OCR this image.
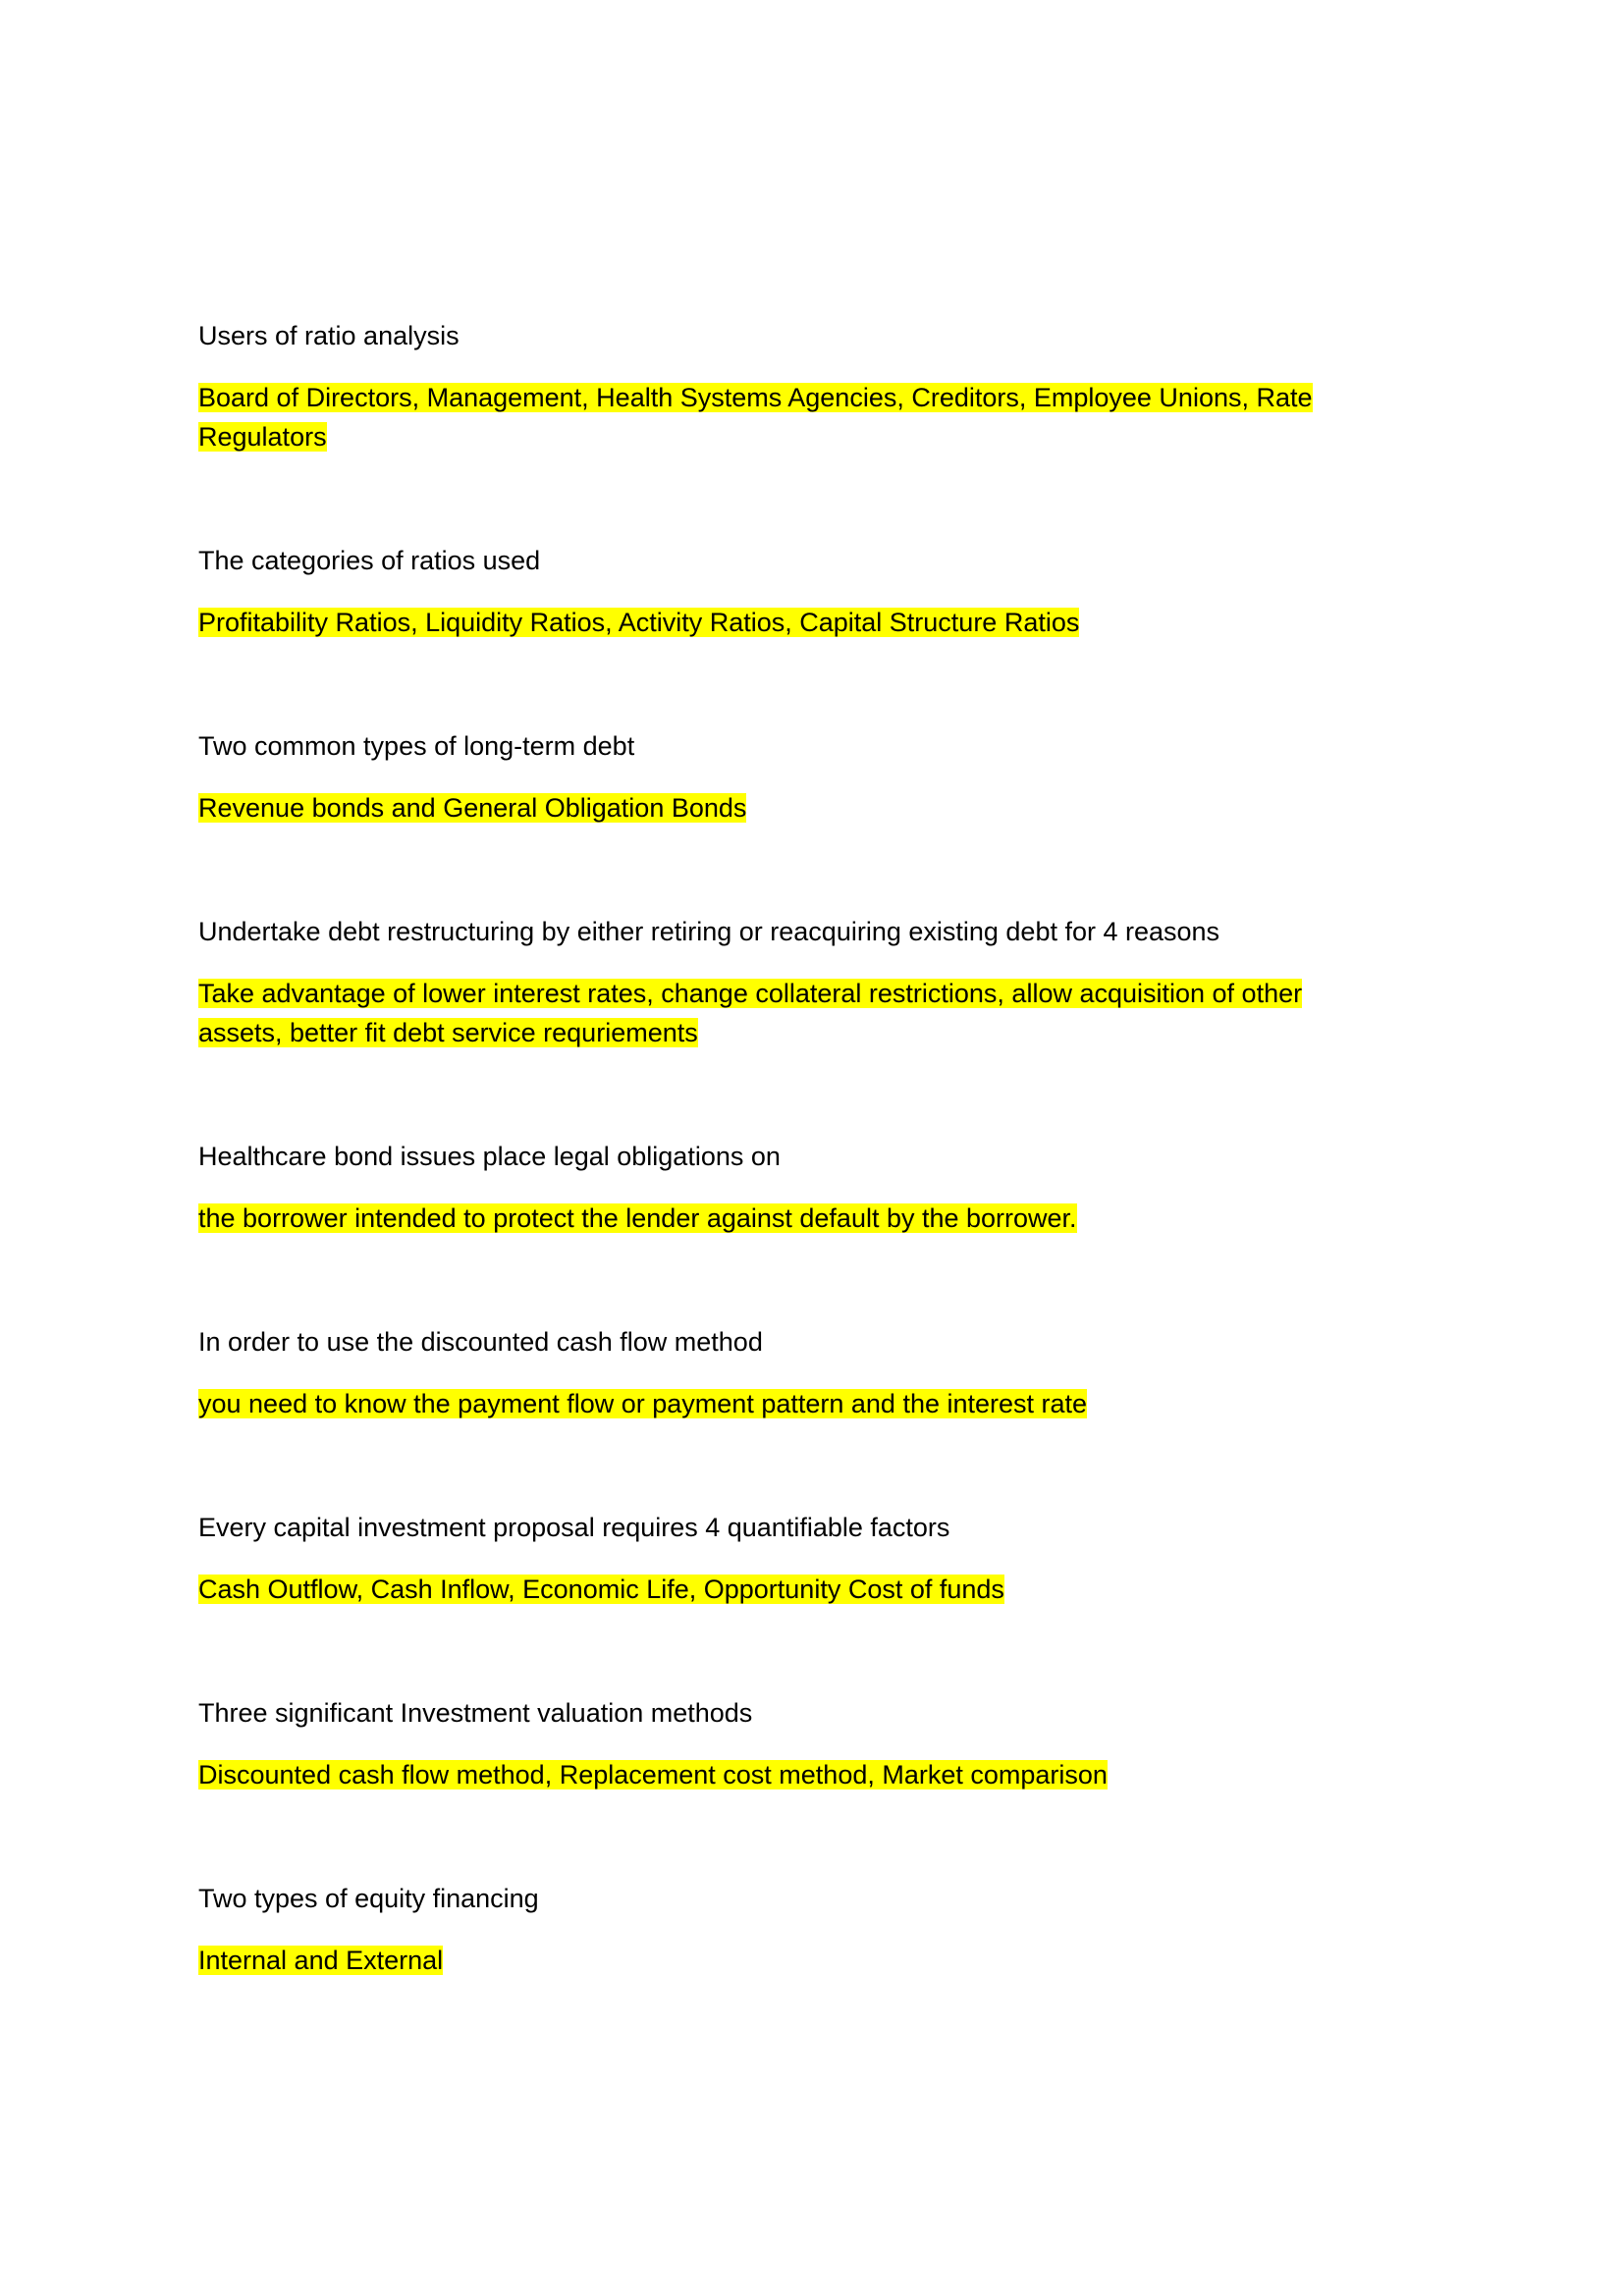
Users of ratio analysis

Board of Directors, Management, Health Systems Agencies, Creditors, Employee Unions, Rate Regulators

The categories of ratios used

Profitability Ratios, Liquidity Ratios, Activity Ratios, Capital Structure Ratios

Two common types of long-term debt

Revenue bonds and General Obligation Bonds

Undertake debt restructuring by either retiring or reacquiring existing debt for 4 reasons

Take advantage of lower interest rates, change collateral restrictions, allow acquisition of other assets, better fit debt service requriements

Healthcare bond issues place legal obligations on

the borrower intended to protect the lender against default by the borrower.

In order to use the discounted cash flow method

you need to know the payment flow or payment pattern and the interest rate

Every capital investment proposal requires 4 quantifiable factors

Cash Outflow, Cash Inflow, Economic Life, Opportunity Cost of funds

Three significant Investment valuation methods

Discounted cash flow method, Replacement cost method, Market comparison

Two types of equity financing

Internal and External
